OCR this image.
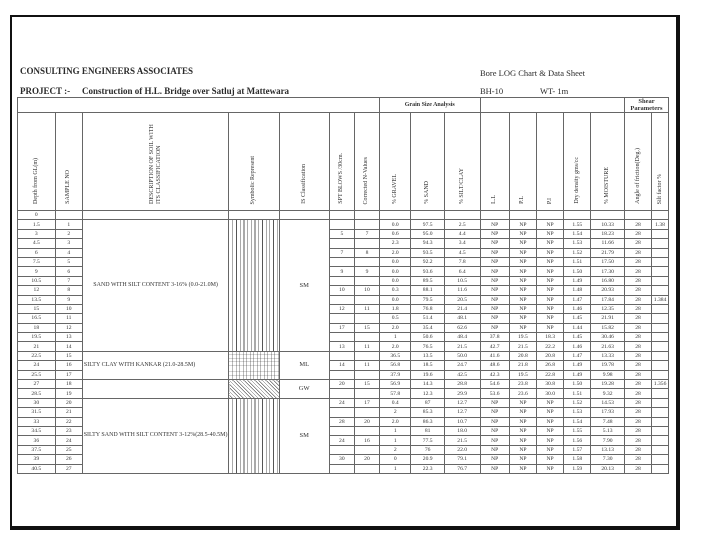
CONSULTING ENGINEERS ASSOCIATES	Bore LOG Chart & Data Sheet
PROJECT :- Construction of H.L. Bridge over Satluj at Mattewara	BH-10	WT- 1m
							Grain Size Analysis								Shear Parameters	
Depth from GL(m)	SAMPLE NO	DESCRIPTION OF SOIL WITH ITS CLASSIFICATION	Symbolic Represent	IS Classification	SPT BLOWS /30cm.	Corrected N-Values	% GRAVEL	% SAND	% SILT/CLAY	L.L	P.L	P.I	Dry density gms/cc	% MOISTURE	Angle of friction(Deg.)	Silt factor %
0																
1.5	1	SAND WITH SILT CONTENT 3-16% (0.0-21.0M)		SM			0.0	97.5	2.5	NP	NP	NP	1.55	10.33	28	1.38
3	2				5	7	0.6	95.0	4.4	NP	NP	NP	1.54	18.23	28	
4.5	3						2.3	94.3	3.4	NP	NP	NP	1.53	11.66	28	
6	4				7	8	2.0	93.5	4.5	NP	NP	NP	1.52	21.79	28	
7.5	5						0.0	92.2	7.8	NP	NP	NP	1.51	17.50	28	
9	6				9	9	0.0	93.6	6.4	NP	NP	NP	1.50	17.30	28	
10.5	7						0.0	89.5	10.5	NP	NP	NP	1.49	16.80	28	
12	8				10	10	0.3	88.1	11.6	NP	NP	NP	1.48	20.93	28	
13.5	9						0.0	79.5	20.5	NP	NP	NP	1.47	17.84	28	1.384
15	10				12	11	1.8	76.8	21.4	NP	NP	NP	1.46	12.35	28	
16.5	11						0.5	51.4	48.1	NP	NP	NP	1.45	21.91	28	
18	12				17	15	2.0	35.4	62.6	NP	NP	NP	1.44	15.82	28	
19.5	13						1	50.6	48.4	37.8	19.5	18.3	1.45	30.46	28	
21	14				13	11	2.0	76.5	21.5	42.7	21.5	22.2	1.46	21.63	28	
22.5	15	SILTY CLAY WITH KANKAR (21.0-28.5M)		ML			36.5	13.5	50.0	41.6	20.8	20.8	1.47	13.33	28	
24	16				14	11	56.8	18.5	24.7	48.6	21.8	26.8	1.49	19.78	28	
25.5	17						37.9	19.6	42.5	42.3	19.5	22.8	1.49	9.98	28	
27	18			GW	20	15	56.9	14.3	28.8	54.6	23.8	30.8	1.50	19.28	28	1.356
28.5	19						57.8	12.3	29.9	53.6	23.6	30.0	1.51	9.32	28	
30	20	SILTY SAND WITH SILT CONTENT 3-12%(28.5-40.5M)		SM	24	17	0.4	87	12.7	NP	NP	NP	1.52	14.53	28	
31.5	21						2	85.3	12.7	NP	NP	NP	1.53	17.93	28	
33	22				28	20	2.0	86.3	10.7	NP	NP	NP	1.54	7.48	28	
34.5	23						1	81	18.0	NP	NP	NP	1.55	5.13	28	
36	24				24	16	1	77.5	21.5	NP	NP	NP	1.56	7.90	28	
37.5	25						2	76	22.0	NP	NP	NP	1.57	13.13	28	
39	26				30	20	0	20.9	79.1	NP	NP	NP	1.58	7.30	28	
40.5	27						1	22.3	76.7	NP	NP	NP	1.59	20.13	28	
